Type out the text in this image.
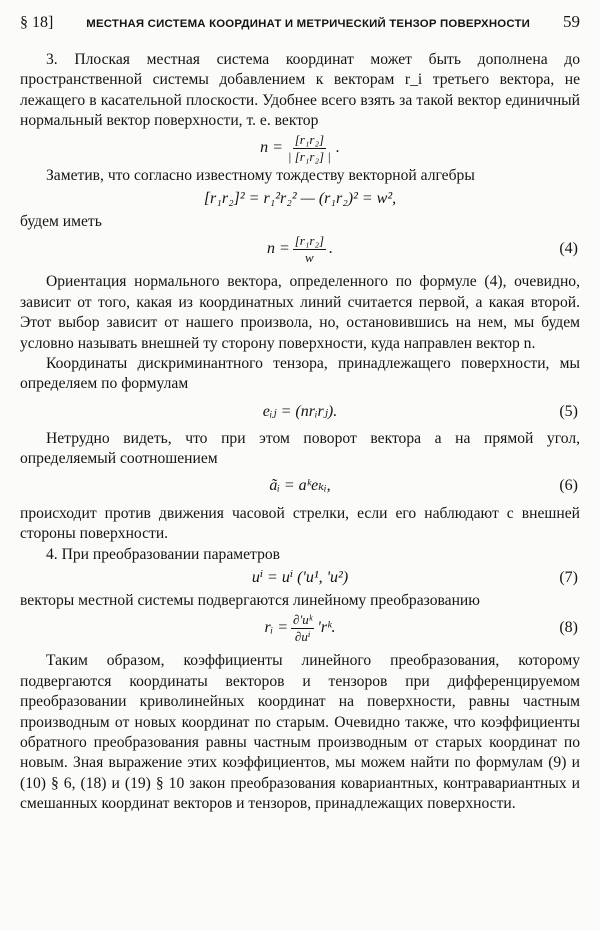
§ 18]	МЕСТНАЯ СИСТЕМА КООРДИНАТ И МЕТРИЧЕСКИЙ ТЕНЗОР ПОВЕРХНОСТИ 59

3. Плоская местная система координат может быть дополнена до пространственной системы добавлением к векторам r_i третьего вектора, не лежащего в касательной плоскости. Удобнее всего взять за такой вектор единичный нормальный вектор поверхности, т. е. вектор

$n = \frac{\text{[r₁r₂]}}{\text{| [r₁r₂] |}}$ .

Заметив, что согласно известному тождеству векторной алгебры

[r₁r₂]² = r₁²r₂² — (r₁r₂)² = w²,

будем иметь

$n = \frac{\text{[r₁r₂]}}{w}$ .	(4)

Ориентация нормального вектора, определенного по формуле (4), очевидно, зависит от того, какая из координатных линий считается первой, а какая второй. Этот выбор зависит от нашего произвола, но, остановившись на нем, мы будем условно называть внешней ту сторону поверхности, куда направлен вектор n.

Координаты дискриминантного тензора, принадлежащего поверхности, мы определяем по формулам

eᵢⱼ = (nrᵢrⱼ).	(5)

Нетрудно видеть, что при этом поворот вектора a на прямой угол, определяемый соотношением

ãᵢ = aᵏeₖᵢ,	(6)

происходит против движения часовой стрелки, если его наблюдают с внешней стороны поверхности.

4. При преобразовании параметров

uⁱ = uⁱ ('u¹, 'u²)	(7)

векторы местной системы подвергаются линейному преобразованию

rᵢ = $\frac{\text{∂'uᵏ}}{\text{∂uⁱ}}$ 'rᵏ.	(8)

Таким образом, коэффициенты линейного преобразования, которому подвергаются координаты векторов и тензоров при дифференцируемом преобразовании криволинейных координат на поверхности, равны частным производным от новых координат по старым. Очевидно также, что коэффициенты обратного преобразования равны частным производным от старых координат по новым. Зная выражение этих коэффициентов, мы можем найти по формулам (9) и (10) § 6, (18) и (19) § 10 закон преобразования ковариантных, контравариантных и смешанных координат векторов и тензоров, принадлежащих поверхности.
